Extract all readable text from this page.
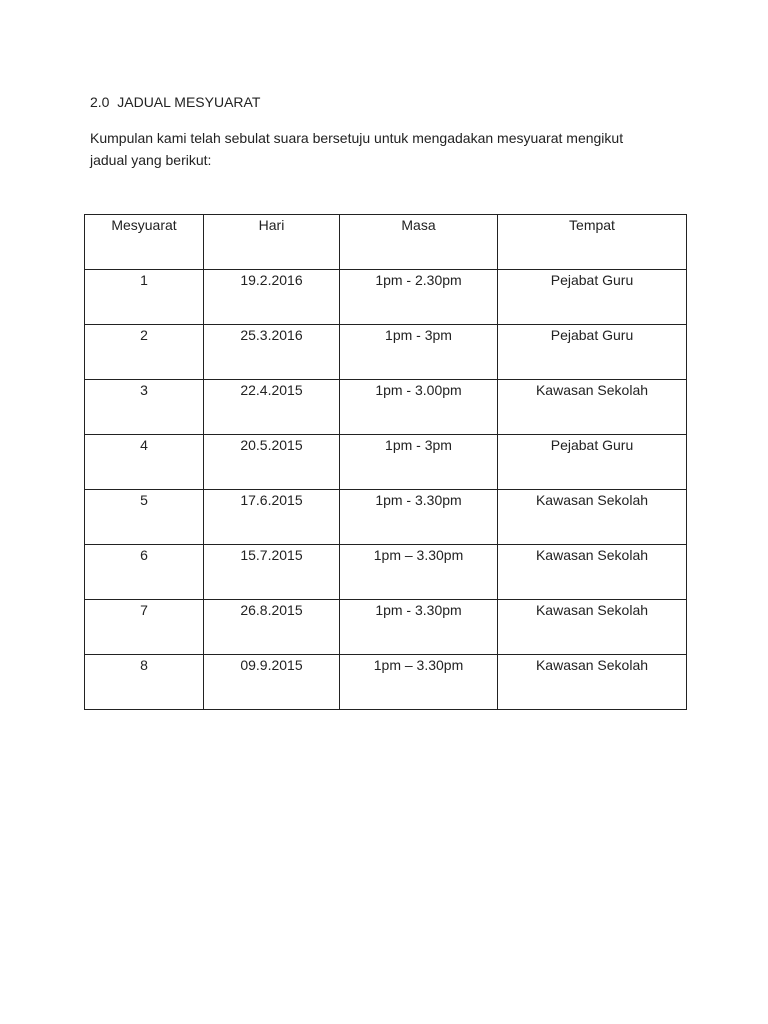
2.0  JADUAL MESYUARAT
Kumpulan kami telah sebulat suara bersetuju untuk mengadakan mesyuarat mengikut
jadual yang berikut:
Mesyuarat	Hari	Masa	Tempat
1	19.2.2016	1pm - 2.30pm	Pejabat Guru
2	25.3.2016	1pm - 3pm	Pejabat Guru
3	22.4.2015	1pm - 3.00pm	Kawasan Sekolah
4	20.5.2015	1pm - 3pm	Pejabat Guru
5	17.6.2015	1pm - 3.30pm	Kawasan Sekolah
6	15.7.2015	1pm – 3.30pm	Kawasan Sekolah
7	26.8.2015	1pm - 3.30pm	Kawasan Sekolah
8	09.9.2015	1pm – 3.30pm	Kawasan Sekolah
